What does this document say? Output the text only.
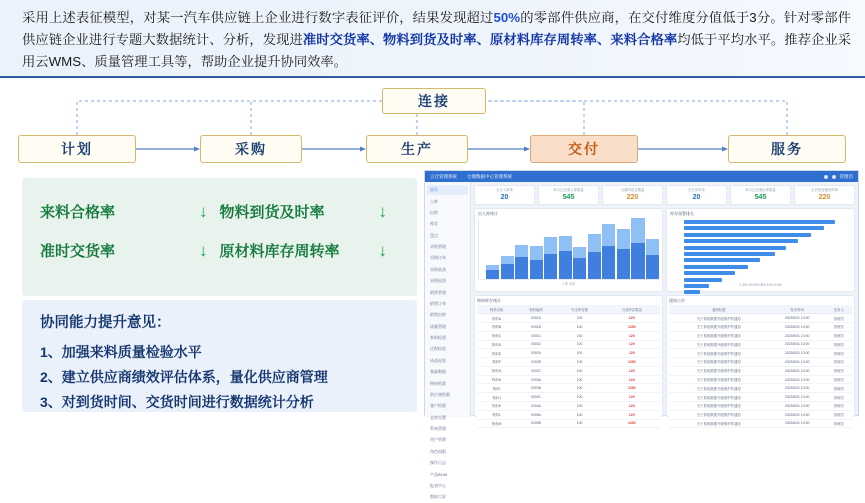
采用上述表征模型，对某一汽车供应链上企业进行数字表征评价，结果发现超过50%的零部件供应商，在交付维度分值低于3分。针对零部件供应链企业进行专题大数据统计、分析，发现进准时交货率、物料到货及时率、原材料库存周转率、来料合格率均低于平均水平。推荐企业采用云WMS、质量管理工具等，帮助企业提升协同效率。

连接
计划	采购	生产	交付	服务
来料合格率	↓ 物料到货及时率	↓
准时交货率	↓ 原材料库存周转率 ↓
协同能力提升意见：
1、加强来料质量检验水平
2、建立供应商绩效评估体系，量化供应商管理
3、对到货时间、交货时间进行数据统计分析
云仓管理系统 仓储数据中心管理系统	管理员
首页
入库
出库
库存
盘点
采购管理
采购订单
采购收货
采购退货
销售管理
销售订单
销售出库
质量管理
来料检验
过程检验
成品检验
基础数据
物料档案
供应商档案
客户档案
仓库设置
系统管理
用户管理
角色权限
操作日志
产品BOM
报表中心
数据大屏
当日入库单
20
本月已完成入库数量
545
当前库存总数量
220
当日出库单
20
本月已完成出库数量
545
当日待处理出库单
220
出入库统计
入库 出库
库存预警排名
0 200 400 600 800 1000 1200
物料库存统计
物料名称	物料编码	安全库存数	当前库存数量
物料A	0001A	100	120
物料B	0001B	100	1200
物料C	0001C	100	120
物料D	0001D	100	120
物料E	0002A	100	120
物料F	0002B	100	1200
物料G	0002C	100	120
物料H	0003A	100	120
物料I	0003B	100	1200
物料J	0003C	100	120
物料K	0004A	100	120
物料L	0005A	100	120
物料M	0005B	100	1200
通知公告
通知标题	发布时间	发布人
关于系统数据升级维护的通知	2023/5/31 13:00	管理员
关于系统数据升级维护的通知	2023/5/31 13:00	管理员
关于系统数据升级维护的通知	2023/5/31 13:00	管理员
关于系统数据升级维护的通知	2023/5/31 13:00	管理员
关于系统数据升级维护的通知	2023/5/31 13:00	管理员
关于系统数据升级维护的通知	2023/5/31 13:00	管理员
关于系统数据升级维护的通知	2023/5/31 13:00	管理员
关于系统数据升级维护的通知	2023/5/31 13:00	管理员
关于系统数据升级维护的通知	2023/5/31 13:00	管理员
关于系统数据升级维护的通知	2023/5/31 13:00	管理员
关于系统数据升级维护的通知	2023/5/31 13:00	管理员
关于系统数据升级维护的通知	2023/5/31 13:00	管理员
关于系统数据升级维护的通知	2023/5/31 13:00	管理员
